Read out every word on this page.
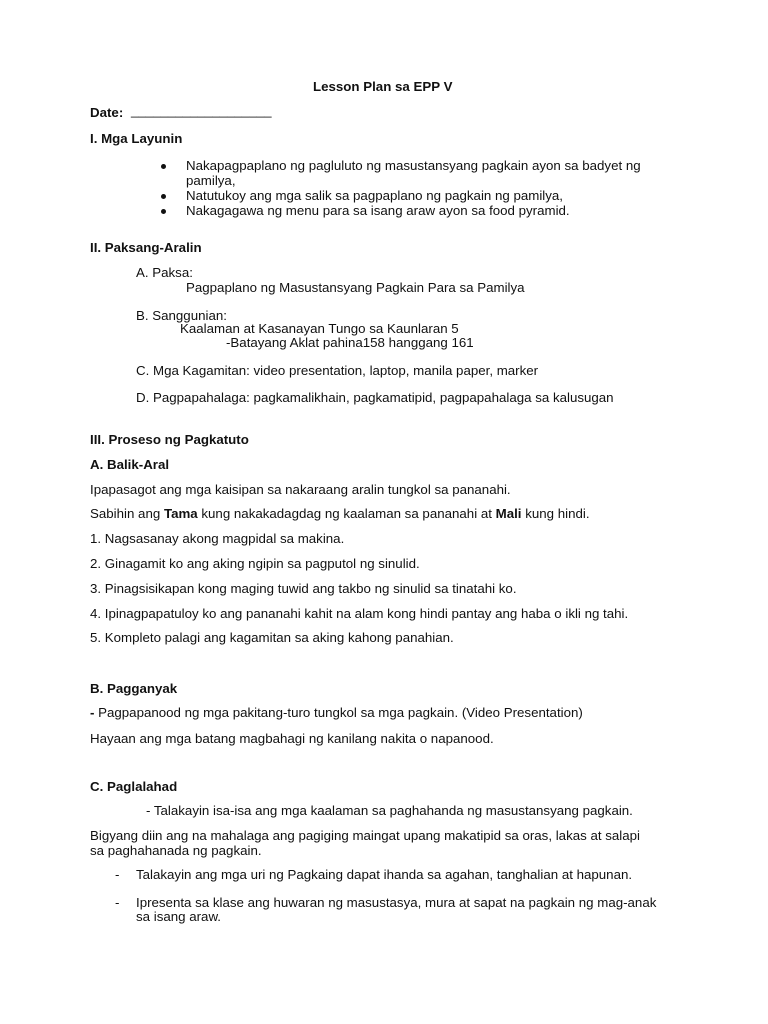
Lesson Plan sa EPP V
Date: ___________________
I. Mga Layunin
Nakapagpaplano ng pagluluto ng masustansyang pagkain ayon sa badyet ng
pamilya,
Natutukoy ang mga salik sa pagpaplano ng pagkain ng pamilya,
Nakagagawa ng menu para sa isang araw ayon sa food pyramid.
II. Paksang-Aralin
A. Paksa:
Pagpaplano ng Masustansyang Pagkain Para sa Pamilya
B. Sanggunian:
Kaalaman at Kasanayan Tungo sa Kaunlaran 5
-Batayang Aklat pahina158 hanggang 161
C. Mga Kagamitan: video presentation, laptop, manila paper, marker
D. Pagpapahalaga: pagkamalikhain, pagkamatipid, pagpapahalaga sa kalusugan
III. Proseso ng Pagkatuto
A. Balik-Aral
Ipapasagot ang mga kaisipan sa nakaraang aralin tungkol sa pananahi.
Sabihin ang Tama kung nakakadagdag ng kaalaman sa pananahi at Mali kung hindi.
1. Nagsasanay akong magpidal sa makina.
2. Ginagamit ko ang aking ngipin sa pagputol ng sinulid.
3. Pinagsisikapan kong maging tuwid ang takbo ng sinulid sa tinatahi ko.
4. Ipinagpapatuloy ko ang pananahi kahit na alam kong hindi pantay ang haba o ikli ng tahi.
5. Kompleto palagi ang kagamitan sa aking kahong panahian.
B. Pagganyak
- Pagpapanood ng mga pakitang-turo tungkol sa mga pagkain. (Video Presentation)
Hayaan ang mga batang magbahagi ng kanilang nakita o napanood.
C. Paglalahad
- Talakayin isa-isa ang mga kaalaman sa paghahanda ng masustansyang pagkain.
Bigyang diin ang na mahalaga ang pagiging maingat upang makatipid sa oras, lakas at salapi
sa paghahanada ng pagkain.
- Talakayin ang mga uri ng Pagkaing dapat ihanda sa agahan, tanghalian at hapunan.
- Ipresenta sa klase ang huwaran ng masustasya, mura at sapat na pagkain ng mag-anak
sa isang araw.
